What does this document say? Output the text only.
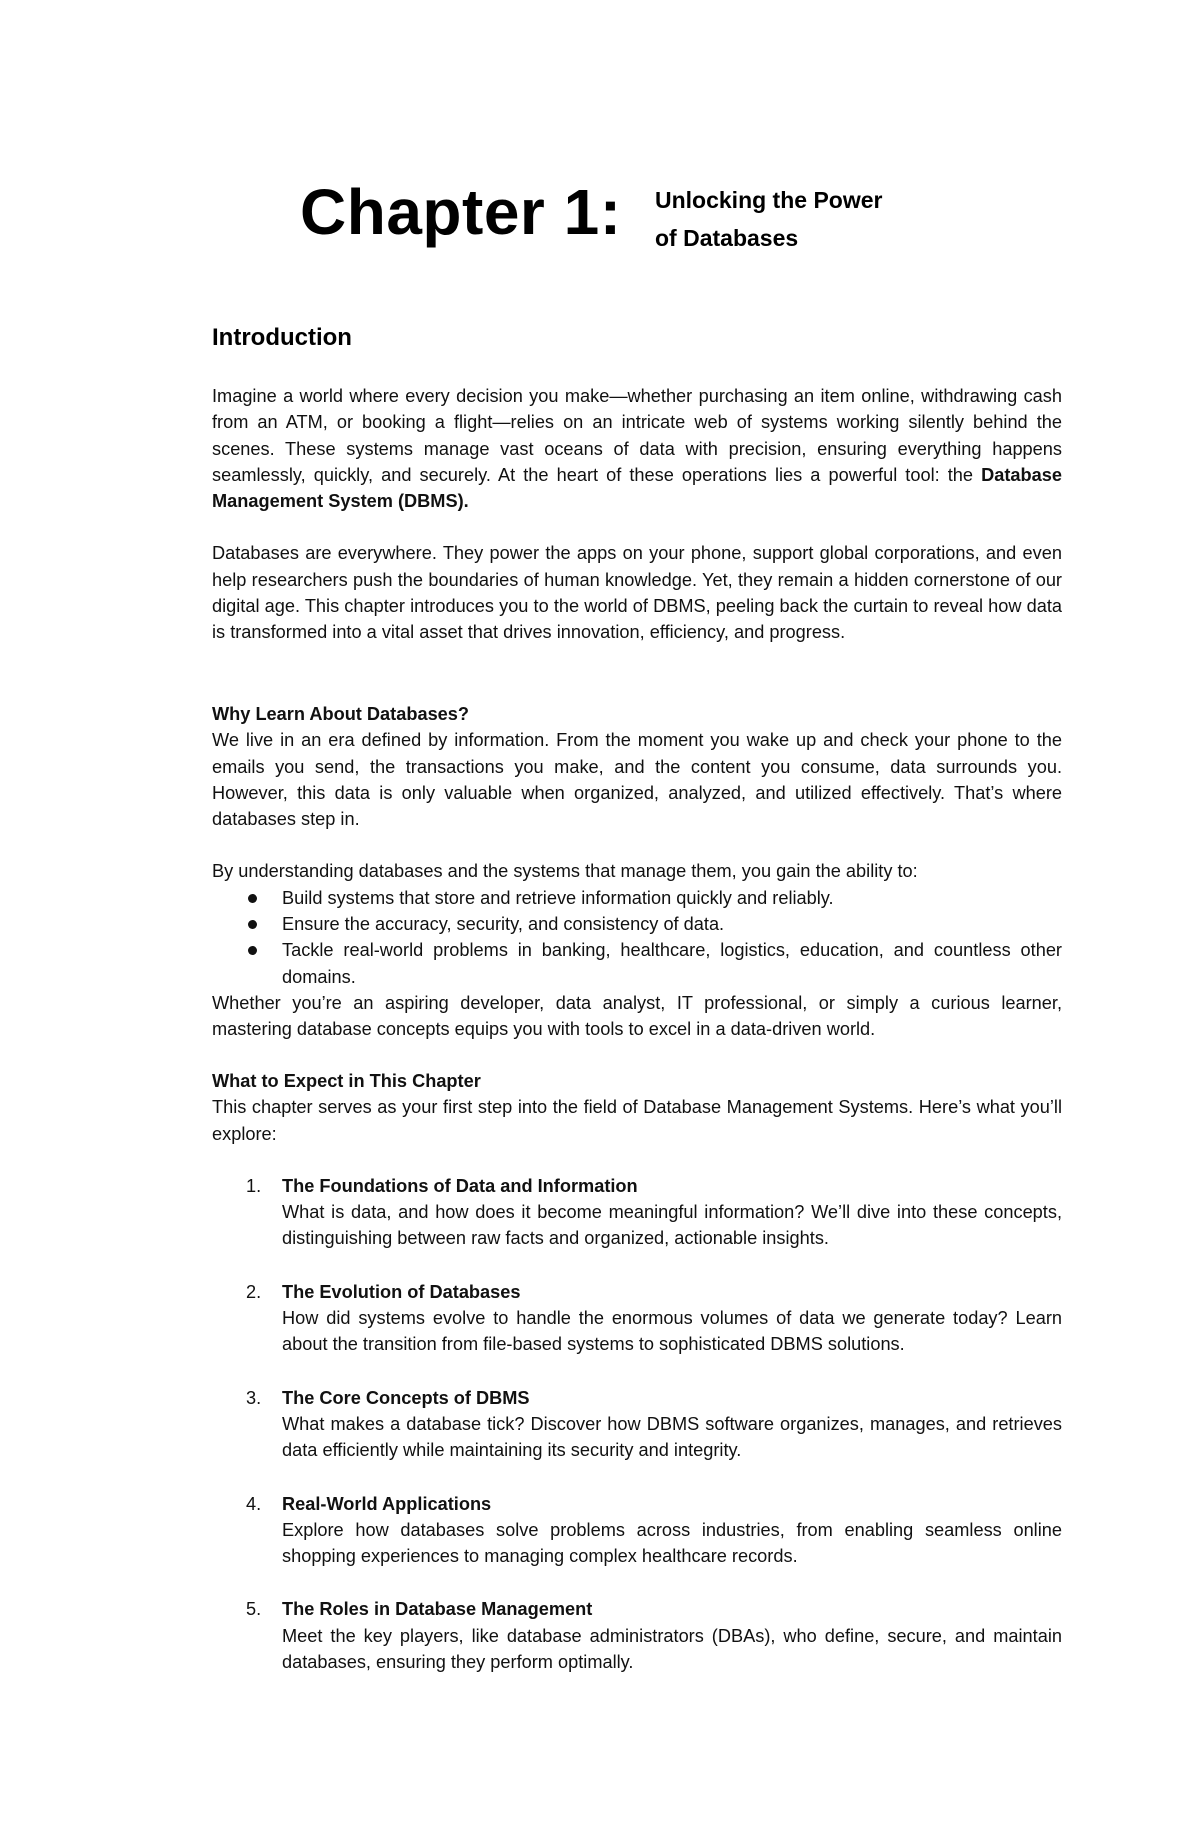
Chapter 1: Unlocking the Power
of Databases
Introduction

Imagine a world where every decision you make—whether purchasing an item online, withdrawing cash from an ATM, or booking a flight—relies on an intricate web of systems working silently behind the scenes. These systems manage vast oceans of data with precision, ensuring everything happens seamlessly, quickly, and securely. At the heart of these operations lies a powerful tool: the Database Management System (DBMS).

Databases are everywhere. They power the apps on your phone, support global corporations, and even help researchers push the boundaries of human knowledge. Yet, they remain a hidden cornerstone of our digital age. This chapter introduces you to the world of DBMS, peeling back the curtain to reveal how data is transformed into a vital asset that drives innovation, efficiency, and progress.

Why Learn About Databases?

We live in an era defined by information. From the moment you wake up and check your phone to the emails you send, the transactions you make, and the content you consume, data surrounds you. However, this data is only valuable when organized, analyzed, and utilized effectively. That’s where databases step in.

By understanding databases and the systems that manage them, you gain the ability to:

Build systems that store and retrieve information quickly and reliably.
Ensure the accuracy, security, and consistency of data.
Tackle real-world problems in banking, healthcare, logistics, education, and countless other domains.

Whether you’re an aspiring developer, data analyst, IT professional, or simply a curious learner, mastering database concepts equips you with tools to excel in a data-driven world.

What to Expect in This Chapter

This chapter serves as your first step into the field of Database Management Systems. Here’s what you’ll explore:

1. The Foundations of Data and Information
What is data, and how does it become meaningful information? We’ll dive into these concepts, distinguishing between raw facts and organized, actionable insights.
2. The Evolution of Databases
How did systems evolve to handle the enormous volumes of data we generate today? Learn about the transition from file-based systems to sophisticated DBMS solutions.
3. The Core Concepts of DBMS
What makes a database tick? Discover how DBMS software organizes, manages, and retrieves data efficiently while maintaining its security and integrity.
4. Real-World Applications
Explore how databases solve problems across industries, from enabling seamless online shopping experiences to managing complex healthcare records.
5. The Roles in Database Management
Meet the key players, like database administrators (DBAs), who define, secure, and maintain databases, ensuring they perform optimally.
